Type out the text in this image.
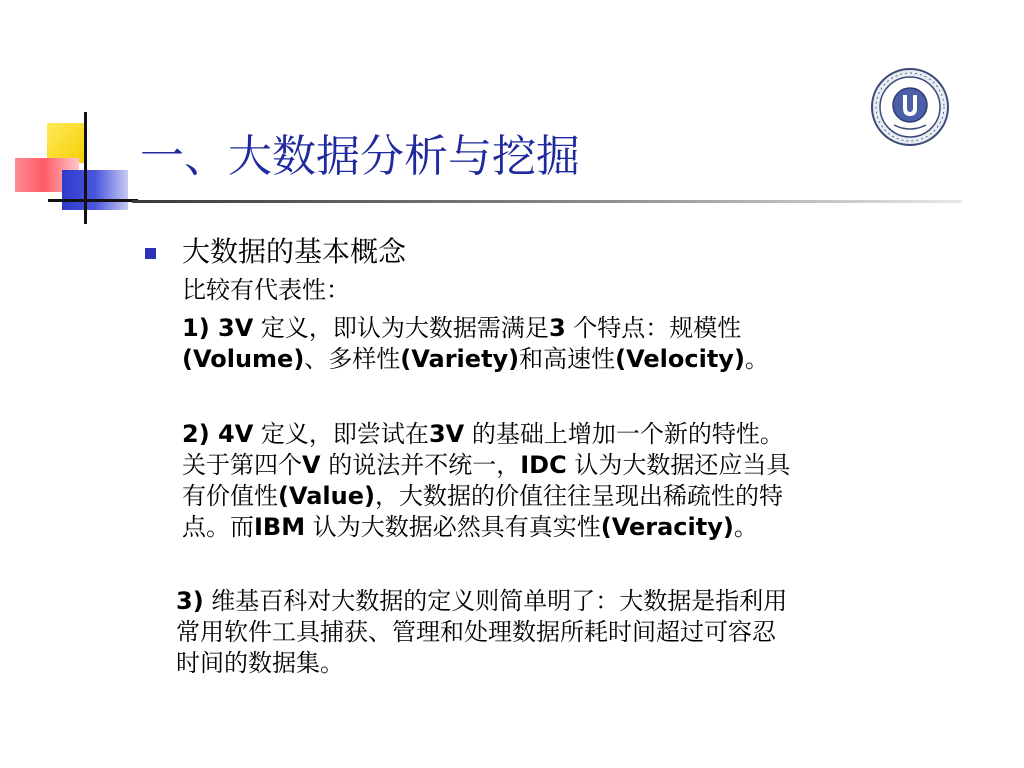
一、大数据分析与挖掘
大数据的基本概念
比较有代表性：
1) 3V 定义，即认为大数据需满足3 个特点：规模性
(Volume)、多样性(Variety)和高速性(Velocity)。
2) 4V 定义，即尝试在3V 的基础上增加一个新的特性。
关于第四个V 的说法并不统一，IDC 认为大数据还应当具
有价值性(Value)，大数据的价值往往呈现出稀疏性的特
点。而IBM 认为大数据必然具有真实性(Veracity)。
3) 维基百科对大数据的定义则简单明了：大数据是指利用
常用软件工具捕获、管理和处理数据所耗时间超过可容忍
时间的数据集。
